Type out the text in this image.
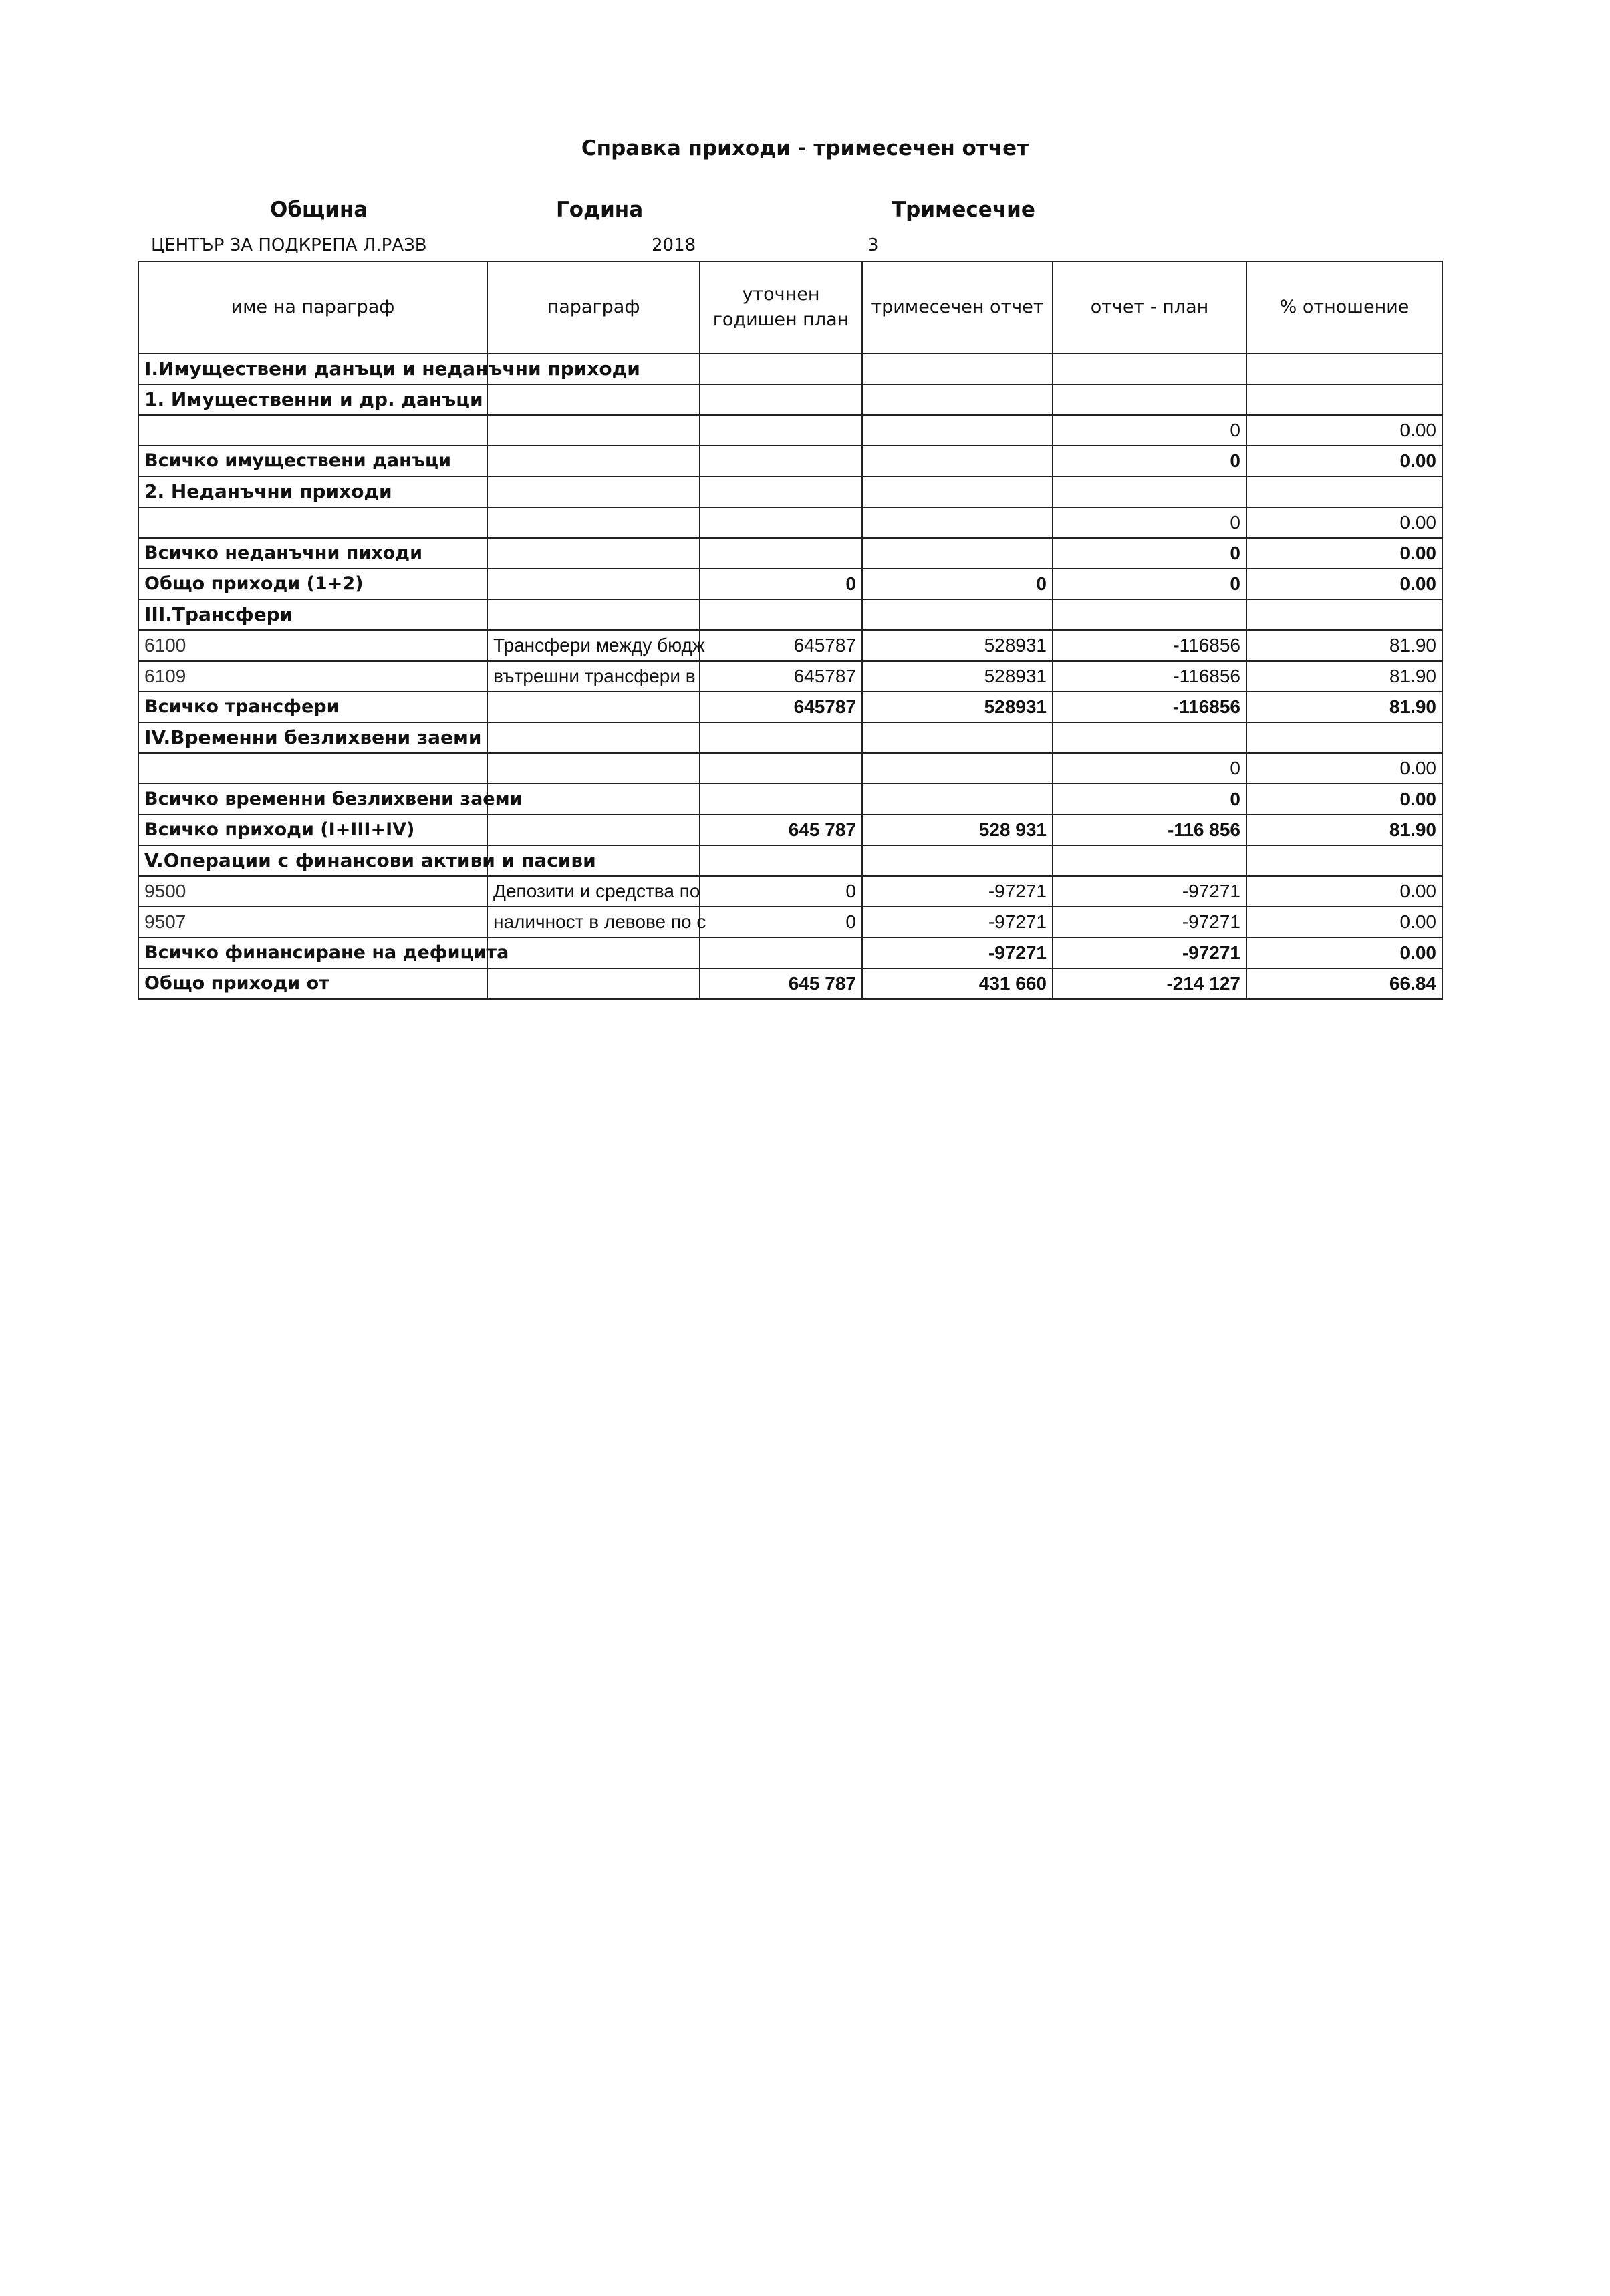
Справка приходи - тримесечен отчет
Община	Година	Тримесечие
ЦЕНТЪР ЗА ПОДКРЕПА Л.РАЗВ	2018	3
име на параграф	параграф	уточнен годишен план	тримесечен отчет	отчет - план	% отношение
I.Имуществени данъци и неданъчни приходи					
1. Имущественни и др. данъци					
				0	0.00
Всичко имуществени данъци				0	0.00
2. Неданъчни приходи					
				0	0.00
Всичко неданъчни пиходи				0	0.00
Общо приходи (1+2)		0	0	0	0.00
III.Трансфери					
6100	Трансфери между бюдж	645787	528931	-116856	81.90
6109	вътрешни трансфери в	645787	528931	-116856	81.90
Всичко трансфери		645787	528931	-116856	81.90
IV.Временни безлихвени заеми					
				0	0.00
Всичко временни безлихвени заеми				0	0.00
Всичко приходи (I+III+IV)		645 787	528 931	-116 856	81.90
V.Операции с финансови активи и пасиви					
9500	Депозити и средства по	0	-97271	-97271	0.00
9507	наличност в левове по с	0	-97271	-97271	0.00
Всичко финансиране на дефицита			-97271	-97271	0.00
Общо приходи от		645 787	431 660	-214 127	66.84
